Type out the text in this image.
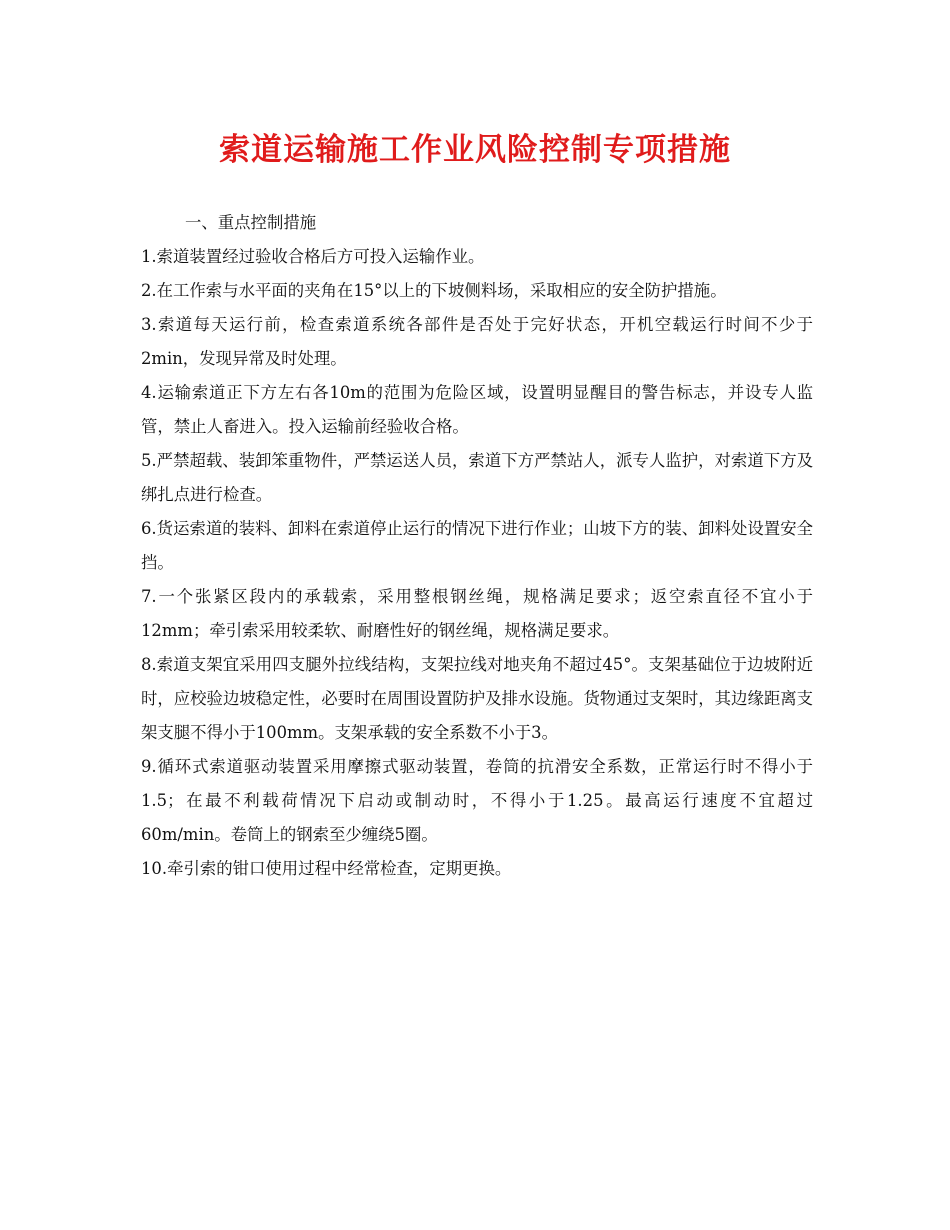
索道运输施工作业风险控制专项措施

一、重点控制措施

1.索道装置经过验收合格后方可投入运输作业。

2.在工作索与水平面的夹角在15°以上的下坡侧料场，采取相应的安全防护措施。

3.索道每天运行前，检查索道系统各部件是否处于完好状态，开机空载运行时间不少于2min，发现异常及时处理。

4.运输索道正下方左右各10m的范围为危险区域，设置明显醒目的警告标志，并设专人监管，禁止人畜进入。投入运输前经验收合格。

5.严禁超载、装卸笨重物件，严禁运送人员，索道下方严禁站人，派专人监护，对索道下方及绑扎点进行检查。

6.货运索道的装料、卸料在索道停止运行的情况下进行作业；山坡下方的装、卸料处设置安全挡。

7.一个张紧区段内的承载索，采用整根钢丝绳，规格满足要求；返空索直径不宜小于12mm；牵引索采用较柔软、耐磨性好的钢丝绳，规格满足要求。

8.索道支架宜采用四支腿外拉线结构，支架拉线对地夹角不超过45°。支架基础位于边坡附近时，应校验边坡稳定性，必要时在周围设置防护及排水设施。货物通过支架时，其边缘距离支架支腿不得小于100mm。支架承载的安全系数不小于3。

9.循环式索道驱动装置采用摩擦式驱动装置，卷筒的抗滑安全系数，正常运行时不得小于1.5；在最不利载荷情况下启动或制动时，不得小于1.25。最高运行速度不宜超过60m/min。卷筒上的钢索至少缠绕5圈。

10.牵引索的钳口使用过程中经常检查，定期更换。
